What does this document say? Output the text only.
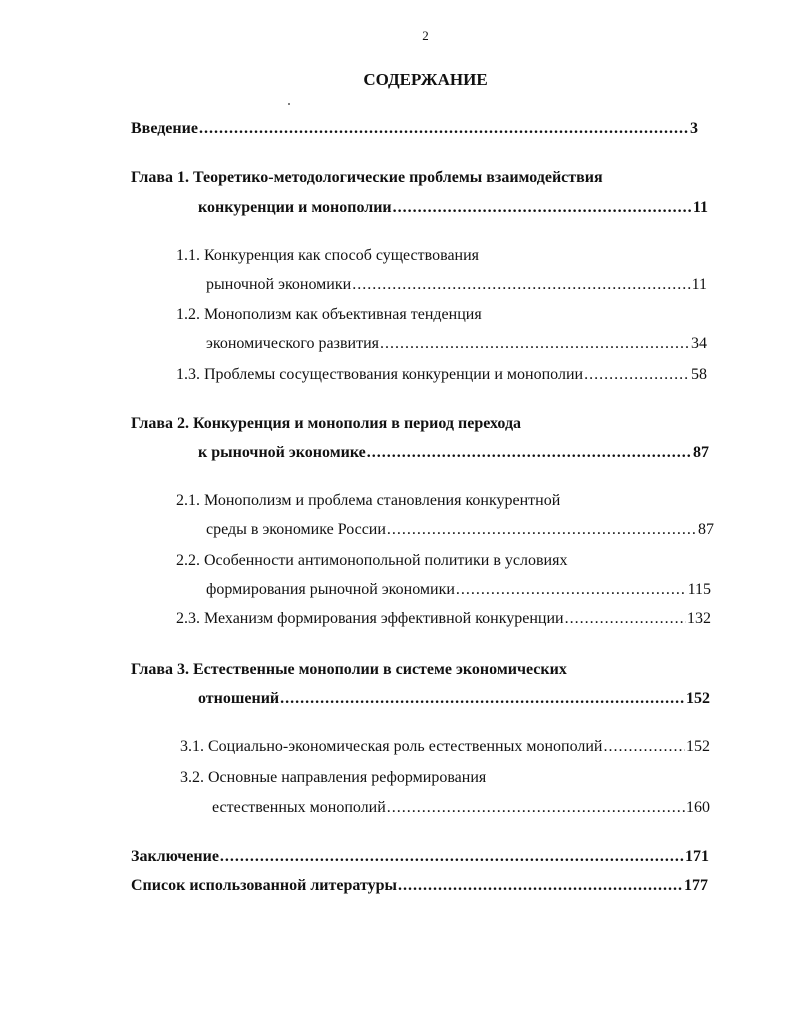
2
СОДЕРЖАНИЕ
Введение .....	3
Глава 1. Теоретико-методологические проблемы взаимодействия
конкуренции и монополии .....	11
1.1. Конкуренция как способ существования
рыночной экономики .....	11
1.2. Монополизм как объективная тенденция
экономического развития .....	34
1.3. Проблемы сосуществования конкуренции и монополии .....	58
Глава 2. Конкуренция и монополия в период перехода
к рыночной экономике .....	87
2.1. Монополизм и проблема становления конкурентной
среды в экономике России .....	87
2.2. Особенности антимонопольной политики в условиях
формирования рыночной экономики .....	115
2.3. Механизм формирования эффективной конкуренции .....	132
Глава 3. Естественные монополии в системе экономических
отношений .....	152
3.1. Социально-экономическая роль естественных монополий .....	152
3.2. Основные направления реформирования
естественных монополий .....	160
Заключение .....	171
Список использованной литературы .....	177
